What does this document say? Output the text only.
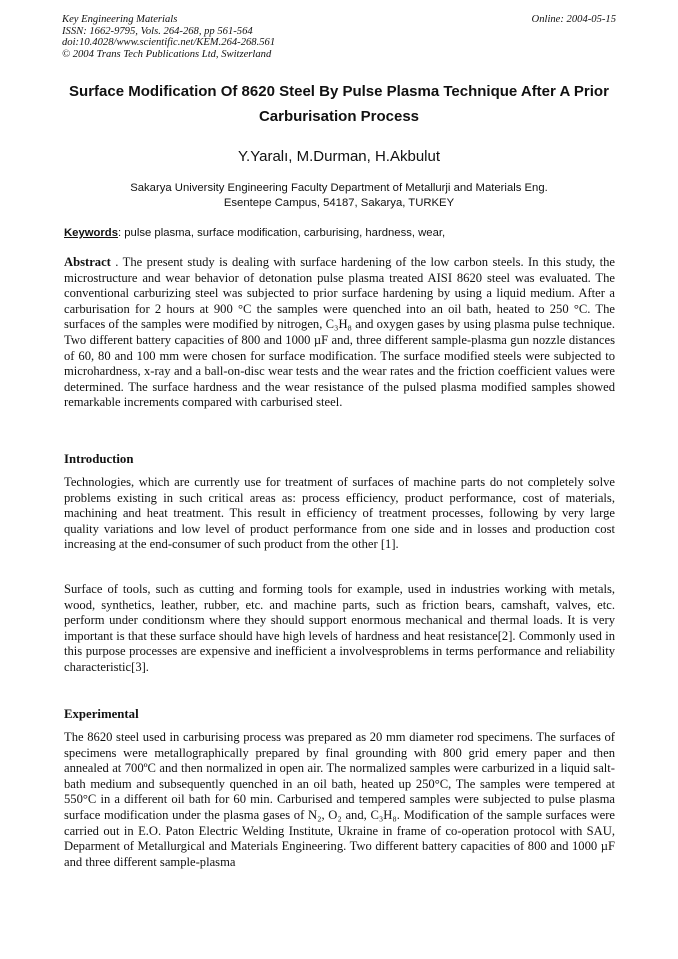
Key Engineering Materials
ISSN: 1662-9795, Vols. 264-268, pp 561-564
doi:10.4028/www.scientific.net/KEM.264-268.561
© 2004 Trans Tech Publications Ltd, Switzerland
Online: 2004-05-15
Surface Modification Of 8620 Steel By Pulse Plasma Technique After A Prior Carburisation Process
Y.Yaralı, M.Durman, H.Akbulut
Sakarya University Engineering Faculty Department of Metallurji and Materials Eng.
Esentepe Campus, 54187, Sakarya, TURKEY
Keywords: pulse plasma, surface modification, carburising, hardness, wear,

Abstract . The present study is dealing with surface hardening of the low carbon steels. In this study, the microstructure and wear behavior of detonation pulse plasma treated AISI 8620 steel was evaluated. The conventional carburizing steel was subjected to prior surface hardening by using a liquid medium. After a carburisation for 2 hours at 900 °C the samples were quenched into an oil bath, heated to 250 °C. The surfaces of the samples were modified by nitrogen, C₃H₈ and oxygen gases by using plasma pulse technique. Two different battery capacities of 800 and 1000 µF and, three different sample-plasma gun nozzle distances of 60, 80 and 100 mm were chosen for surface modification. The surface modified steels were subjected to microhardness, x-ray and a ball-on-disc wear tests and the wear rates and the friction coefficient values were determined. The surface hardness and the wear resistance of the pulsed plasma modified samples showed remarkable increments compared with carburised steel.

Introduction

Technologies, which are currently use for treatment of surfaces of machine parts do not completely solve problems existing in such critical areas as: process efficiency, product performance, cost of materials, machining and heat treatment. This result in efficiency of treatment processes, following by very large quality variations and low level of product performance from one side and in losses and production cost increasing at the end-consumer of such product from the other [1].

Surface of tools, such as cutting and forming tools for example, used in industries working with metals, wood, synthetics, leather, rubber, etc. and machine parts, such as friction bears, camshaft, valves, etc. perform under conditionsm where they should support enormous mechanical and thermal loads. It is very important is that these surface should have high levels of hardness and heat resistance[2]. Commonly used in this purpose processes are expensive and inefficient a involvesproblems in terms performance and reliability characteristic[3].

Experimental

The 8620 steel used in carburising process was prepared as 20 mm diameter rod specimens. The surfaces of specimens were metallographically prepared by final grounding with 800 grid emery paper and then annealed at 700ºC and then normalized in open air. The normalized samples were carburized in a liquid salt-bath medium and subsequently quenched in an oil bath, heated up 250°C, The samples were tempered at 550°C in a different oil bath for 60 min. Carburised and tempered samples were subjected to pulse plasma surface modification under the plasma gases of N₂, O₂ and, C₃H₈. Modification of the sample surfaces were carried out in E.O. Paton Electric Welding Institute, Ukraine in frame of co-operation protocol with SAU, Deparment of Metallurgical and Materials Engineering. Two different battery capacities of 800 and 1000 µF and three different sample-plasma
